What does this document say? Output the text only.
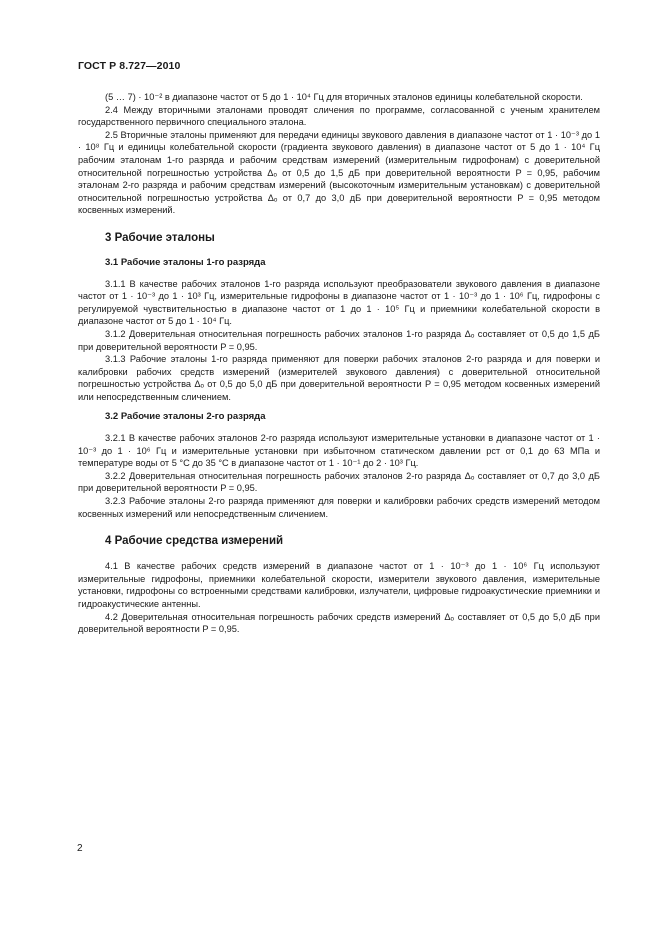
ГОСТ Р 8.727—2010

(5 … 7) · 10⁻² в диапазоне частот от 5 до 1 · 10⁴ Гц для вторичных эталонов единицы колебательной скорости.

2.4 Между вторичными эталонами проводят сличения по программе, согласованной с ученым хранителем государственного первичного специального эталона.

2.5 Вторичные эталоны применяют для передачи единицы звукового давления в диапазоне частот от 1 · 10⁻³ до 1 · 10⁸ Гц и единицы колебательной скорости (градиента звукового давления) в диапазоне частот от 5 до 1 · 10⁴ Гц рабочим эталонам 1-го разряда и рабочим средствам измерений (измерительным гидрофонам) с доверительной относительной погрешностью устройства Δₒ от 0,5 до 1,5 дБ при доверительной вероятности P = 0,95, рабочим эталонам 2-го разряда и рабочим средствам измерений (высокоточным измерительным установкам) с доверительной относительной погрешностью устройства Δₒ от 0,7 до 3,0 дБ при доверительной вероятности P = 0,95 методом косвенных измерений.

3 Рабочие эталоны
3.1 Рабочие эталоны 1-го разряда

3.1.1 В качестве рабочих эталонов 1-го разряда используют преобразователи звукового давления в диапазоне частот от 1 · 10⁻³ до 1 · 10³ Гц, измерительные гидрофоны в диапазоне частот от 1 · 10⁻³ до 1 · 10⁶ Гц, гидрофоны с регулируемой чувствительностью в диапазоне частот от 1 до 1 · 10⁵ Гц и приемники колебательной скорости в диапазоне частот от 5 до 1 · 10⁴ Гц.

3.1.2 Доверительная относительная погрешность рабочих эталонов 1-го разряда Δₒ составляет от 0,5 до 1,5 дБ при доверительной вероятности P = 0,95.

3.1.3 Рабочие эталоны 1-го разряда применяют для поверки рабочих эталонов 2-го разряда и для поверки и калибровки рабочих средств измерений (измерителей звукового давления) с доверительной относительной погрешностью устройства Δₒ от 0,5 до 5,0 дБ при доверительной вероятности P = 0,95 методом косвенных измерений или непосредственным сличением.

3.2 Рабочие эталоны 2-го разряда

3.2.1 В качестве рабочих эталонов 2-го разряда используют измерительные установки в диапазоне частот от 1 · 10⁻³ до 1 · 10⁶ Гц и измерительные установки при избыточном статическом давлении pст от 0,1 до 63 МПа и температуре воды от 5 °С до 35 °С в диапазоне частот от 1 · 10⁻¹ до 2 · 10³ Гц.

3.2.2 Доверительная относительная погрешность рабочих эталонов 2-го разряда Δₒ составляет от 0,7 до 3,0 дБ при доверительной вероятности P = 0,95.

3.2.3 Рабочие эталоны 2-го разряда применяют для поверки и калибровки рабочих средств измерений методом косвенных измерений или непосредственным сличением.

4 Рабочие средства измерений

4.1 В качестве рабочих средств измерений в диапазоне частот от 1 · 10⁻³ до 1 · 10⁶ Гц используют измерительные гидрофоны, приемники колебательной скорости, измерители звукового давления, измерительные установки, гидрофоны со встроенными средствами калибровки, излучатели, цифровые гидроакустические приемники и гидроакустические антенны.

4.2 Доверительная относительная погрешность рабочих средств измерений Δₒ составляет от 0,5 до 5,0 дБ при доверительной вероятности P = 0,95.

2
